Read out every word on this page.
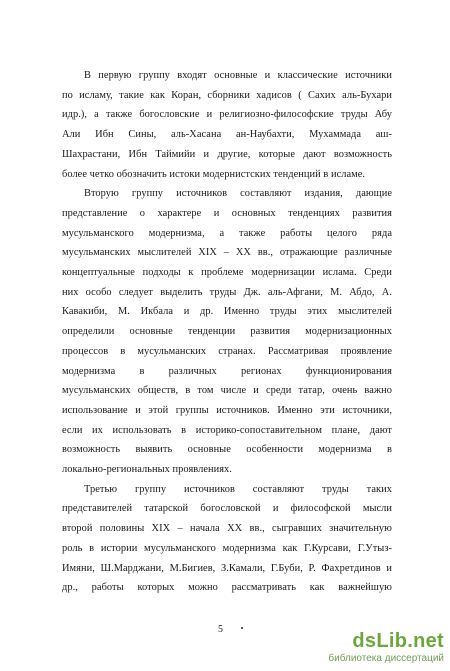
В первую группу входят основные и классические источники
по исламу, такие как Коран, сборники хадисов ( Сахих аль-Бухари
идр.), а также богословские и религиозно-философские труды Абу
Али Ибн Сины, аль-Хасана ан-Наубахти, Мухаммада аш-
Шахрастани, Ибн Таймийи и другие, которые дают возможность
более четко обозначить истоки модернистских тенденций в исламе.

Вторую группу источников составляют издания, дающие
представление о характере и основных тенденциях развития
мусульманского модернизма, а также работы целого ряда
мусульманских мыслителей XIX – XX вв., отражающие различные
концептуальные подходы к проблеме модернизации ислама. Среди
них особо следует выделить труды Дж. аль-Афгани, М. Абдо, А.
Кавакиби, М. Икбала и др. Именно труды этих мыслителей
определили основные тенденции развития модернизационных
процессов в мусульманских странах. Рассматривая проявление
модернизма в различных регионах функционирования
мусульманских обществ, в том числе и среди татар, очень важно
использование и этой группы источников. Именно эти источники,
если их использовать в историко-сопоставительном плане, дают
возможность выявить основные особенности модернизма в
локально-региональных проявлениях.

Третью группу источников составляют труды таких
представителей татарской богословской и философской мысли
второй половины XIX – начала XX вв., сыгравших значительную
роль в истории мусульманского модернизма как Г.Курсави, Г.Утыз-
Имяни, Ш.Марджани, М.Бигиев, З.Камали, Г.Буби, Р. Фахретдинов и
др., работы которых можно рассматривать как важнейшую

5
dsLib.net
библиотека диссертаций
